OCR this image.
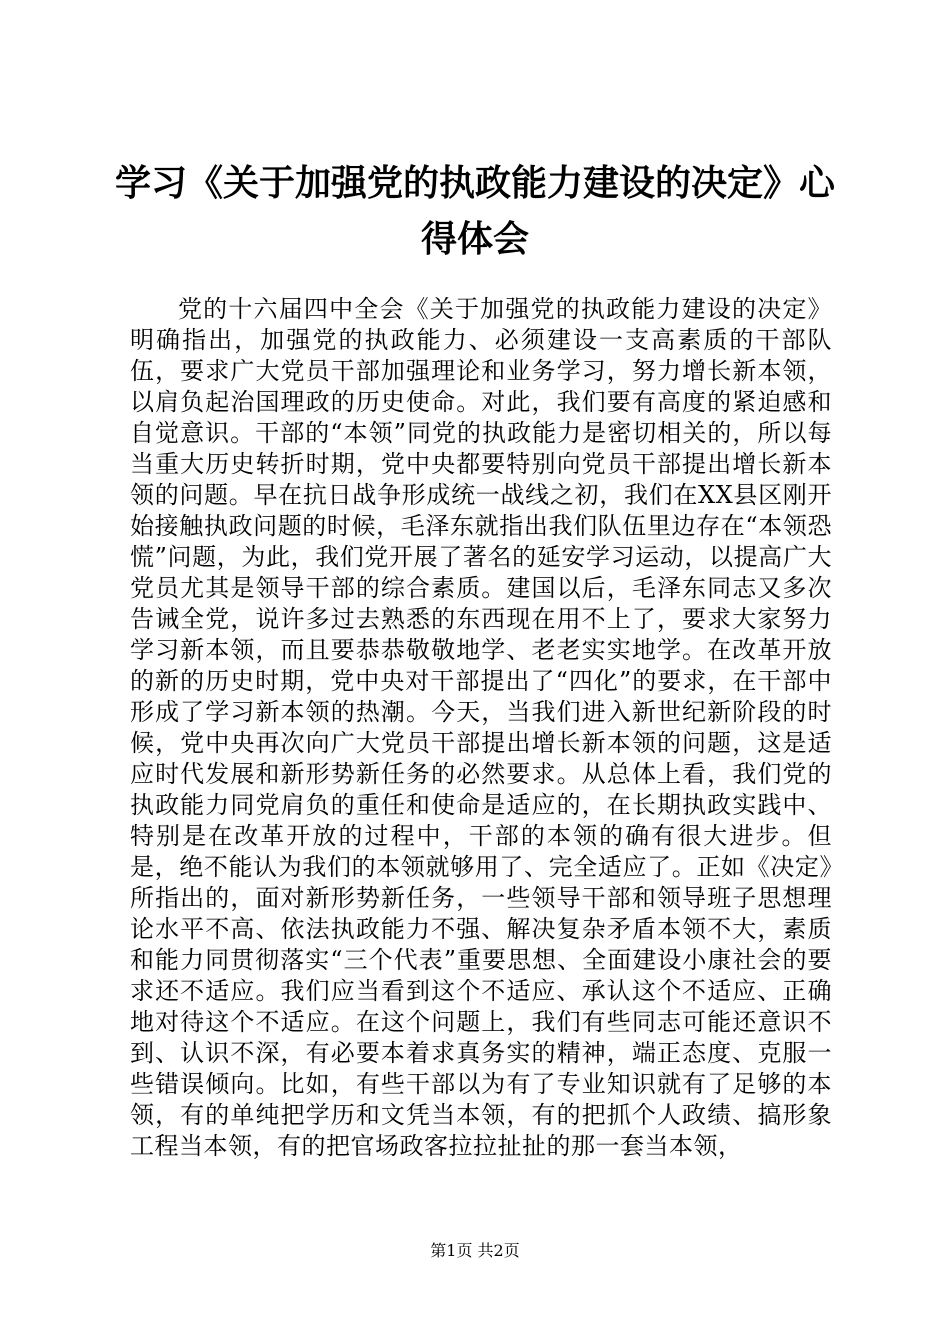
学习《关于加强党的执政能力建设的决定》心得体会

党的十六届四中全会《关于加强党的执政能力建设的决定》明确指出，加强党的执政能力、必须建设一支高素质的干部队伍，要求广大党员干部加强理论和业务学习，努力增长新本领，以肩负起治国理政的历史使命。对此，我们要有高度的紧迫感和自觉意识。干部的“本领”同党的执政能力是密切相关的，所以每当重大历史转折时期，党中央都要特别向党员干部提出增长新本领的问题。早在抗日战争形成统一战线之初，我们在XX县区刚开始接触执政问题的时候，毛泽东就指出我们队伍里边存在“本领恐慌”问题，为此，我们党开展了著名的延安学习运动，以提高广大党员尤其是领导干部的综合素质。建国以后，毛泽东同志又多次告诫全党，说许多过去熟悉的东西现在用不上了，要求大家努力学习新本领，而且要恭恭敬敬地学、老老实实地学。在改革开放的新的历史时期，党中央对干部提出了“四化”的要求，在干部中形成了学习新本领的热潮。今天，当我们进入新世纪新阶段的时候，党中央再次向广大党员干部提出增长新本领的问题，这是适应时代发展和新形势新任务的必然要求。从总体上看，我们党的执政能力同党肩负的重任和使命是适应的，在长期执政实践中、特别是在改革开放的过程中，干部的本领的确有很大进步。但是，绝不能认为我们的本领就够用了、完全适应了。正如《决定》所指出的，面对新形势新任务，一些领导干部和领导班子思想理论水平不高、依法执政能力不强、解决复杂矛盾本领不大，素质和能力同贯彻落实“三个代表”重要思想、全面建设小康社会的要求还不适应。我们应当看到这个不适应、承认这个不适应、正确地对待这个不适应。在这个问题上，我们有些同志可能还意识不到、认识不深，有必要本着求真务实的精神，端正态度、克服一些错误倾向。比如，有些干部以为有了专业知识就有了足够的本领，有的单纯把学历和文凭当本领，有的把抓个人政绩、搞形象工程当本领，有的把官场政客拉拉扯扯的那一套当本领，

第1页 共2页
